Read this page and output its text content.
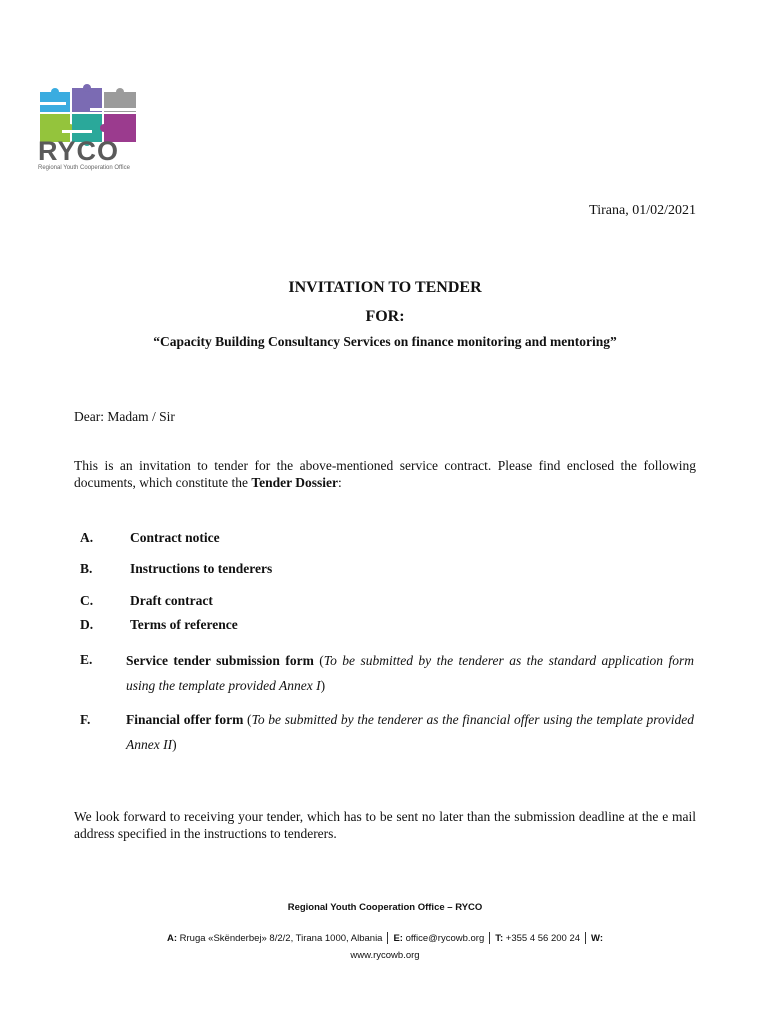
RYCO
Regional Youth Cooperation Office
Tirana, 01/02/2021
INVITATION TO TENDER
FOR:
“Capacity Building Consultancy Services on finance monitoring and mentoring”
Dear: Madam / Sir
This is an invitation to tender for the above-mentioned service contract. Please find enclosed the following documents, which constitute the Tender Dossier:
A.	Contract notice
B.	Instructions to tenderers
C.	Draft contract
D.	Terms of reference
E. Service tender submission form (To be submitted by the tenderer as the standard application form using the template provided Annex I)
F.	Financial offer form (To be submitted by the tenderer as the financial offer using the template provided Annex II)
We look forward to receiving your tender, which has to be sent no later than the submission deadline at the e mail address specified in the instructions to tenderers.
Regional Youth Cooperation Office – RYCO
A: Rruga «Skënderbej» 8/2/2, Tirana 1000, Albania E: office@rycowb.org T: +355 4 56 200 24 W:
www.rycowb.org
